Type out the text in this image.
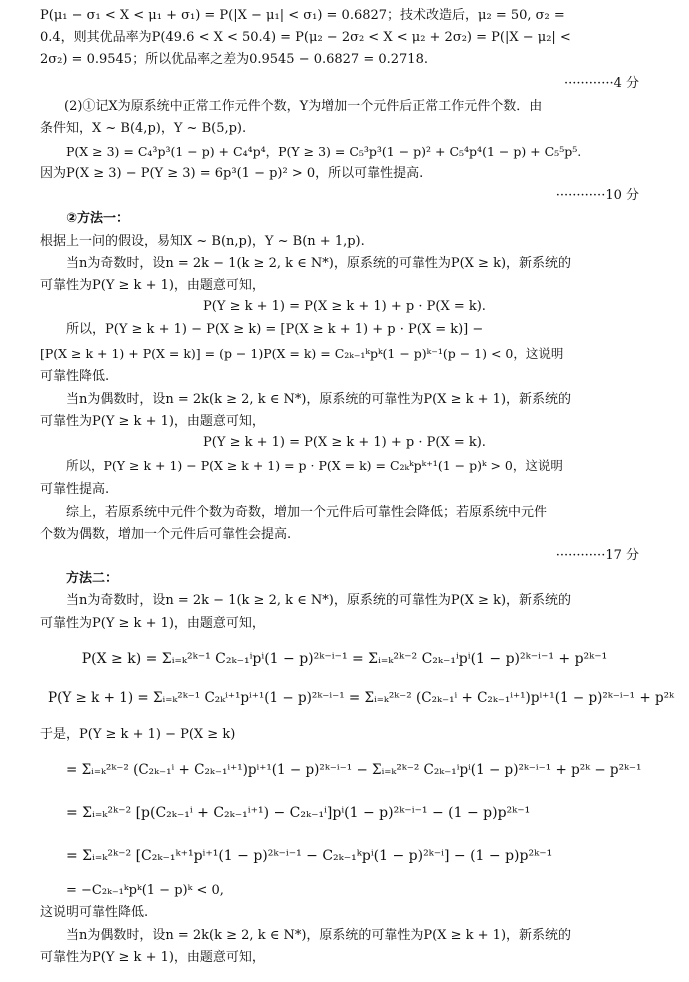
P(μ₁ − σ₁ < X < μ₁ + σ₁) = P(|X − μ₁| < σ₁) = 0.6827；技术改造后，μ₂ = 50, σ₂ =
0.4，则其优品率为P(49.6 < X < 50.4) = P(μ₂ − 2σ₂ < X < μ₂ + 2σ₂) = P(|X − μ₂| <
2σ₂) = 0.9545；所以优品率之差为0.9545 − 0.6827 = 0.2718.
············4 分
(2)①记X为原系统中正常工作元件个数，Y为增加一个元件后正常工作元件个数．由
条件知，X ~ B(4,p)，Y ~ B(5,p).
P(X ≥ 3) = C₄³p³(1 − p) + C₄⁴p⁴，P(Y ≥ 3) = C₅³p³(1 − p)² + C₅⁴p⁴(1 − p) + C₅⁵p⁵.
因为P(X ≥ 3) − P(Y ≥ 3) = 6p³(1 − p)² > 0，所以可靠性提高.
············10 分
②方法一：
根据上一问的假设，易知X ~ B(n,p)，Y ~ B(n + 1,p).
当n为奇数时，设n = 2k − 1(k ≥ 2, k ∈ N*)，原系统的可靠性为P(X ≥ k)，新系统的
可靠性为P(Y ≥ k + 1)，由题意可知，
P(Y ≥ k + 1) = P(X ≥ k + 1) + p · P(X = k).
所以，P(Y ≥ k + 1) − P(X ≥ k) = [P(X ≥ k + 1) + p · P(X = k)] −
[P(X ≥ k + 1) + P(X = k)] = (p − 1)P(X = k) = C₂ₖ₋₁ᵏpᵏ(1 − p)ᵏ⁻¹(p − 1) < 0，这说明
可靠性降低.
当n为偶数时，设n = 2k(k ≥ 2, k ∈ N*)，原系统的可靠性为P(X ≥ k + 1)，新系统的
可靠性为P(Y ≥ k + 1)，由题意可知，
P(Y ≥ k + 1) = P(X ≥ k + 1) + p · P(X = k).
所以，P(Y ≥ k + 1) − P(X ≥ k + 1) = p · P(X = k) = C₂ₖᵏpᵏ⁺¹(1 − p)ᵏ > 0，这说明
可靠性提高.
综上，若原系统中元件个数为奇数，增加一个元件后可靠性会降低；若原系统中元件
个数为偶数，增加一个元件后可靠性会提高.
············17 分
方法二：
当n为奇数时，设n = 2k − 1(k ≥ 2, k ∈ N*)，原系统的可靠性为P(X ≥ k)，新系统的
可靠性为P(Y ≥ k + 1)，由题意可知，
P(X ≥ k) = Σᵢ₌ₖ²ᵏ⁻¹ C₂ₖ₋₁ⁱpⁱ(1 − p)²ᵏ⁻ⁱ⁻¹ = Σᵢ₌ₖ²ᵏ⁻² C₂ₖ₋₁ⁱpⁱ(1 − p)²ᵏ⁻ⁱ⁻¹ + p²ᵏ⁻¹
P(Y ≥ k + 1) = Σᵢ₌ₖ²ᵏ⁻¹ C₂ₖⁱ⁺¹pⁱ⁺¹(1 − p)²ᵏ⁻ⁱ⁻¹ = Σᵢ₌ₖ²ᵏ⁻² (C₂ₖ₋₁ⁱ + C₂ₖ₋₁ⁱ⁺¹)pⁱ⁺¹(1 − p)²ᵏ⁻ⁱ⁻¹ + p²ᵏ
于是，P(Y ≥ k + 1) − P(X ≥ k)
= Σᵢ₌ₖ²ᵏ⁻² (C₂ₖ₋₁ⁱ + C₂ₖ₋₁ⁱ⁺¹)pⁱ⁺¹(1 − p)²ᵏ⁻ⁱ⁻¹ − Σᵢ₌ₖ²ᵏ⁻² C₂ₖ₋₁ⁱpⁱ(1 − p)²ᵏ⁻ⁱ⁻¹ + p²ᵏ − p²ᵏ⁻¹
= Σᵢ₌ₖ²ᵏ⁻² [p(C₂ₖ₋₁ⁱ + C₂ₖ₋₁ⁱ⁺¹) − C₂ₖ₋₁ⁱ]pⁱ(1 − p)²ᵏ⁻ⁱ⁻¹ − (1 − p)p²ᵏ⁻¹
= Σᵢ₌ₖ²ᵏ⁻² [C₂ₖ₋₁ᵏ⁺¹pⁱ⁺¹(1 − p)²ᵏ⁻ⁱ⁻¹ − C₂ₖ₋₁ᵏpⁱ(1 − p)²ᵏ⁻ⁱ] − (1 − p)p²ᵏ⁻¹
= −C₂ₖ₋₁ᵏpᵏ(1 − p)ᵏ < 0,
这说明可靠性降低.
当n为偶数时，设n = 2k(k ≥ 2, k ∈ N*)，原系统的可靠性为P(X ≥ k + 1)，新系统的
可靠性为P(Y ≥ k + 1)，由题意可知，
